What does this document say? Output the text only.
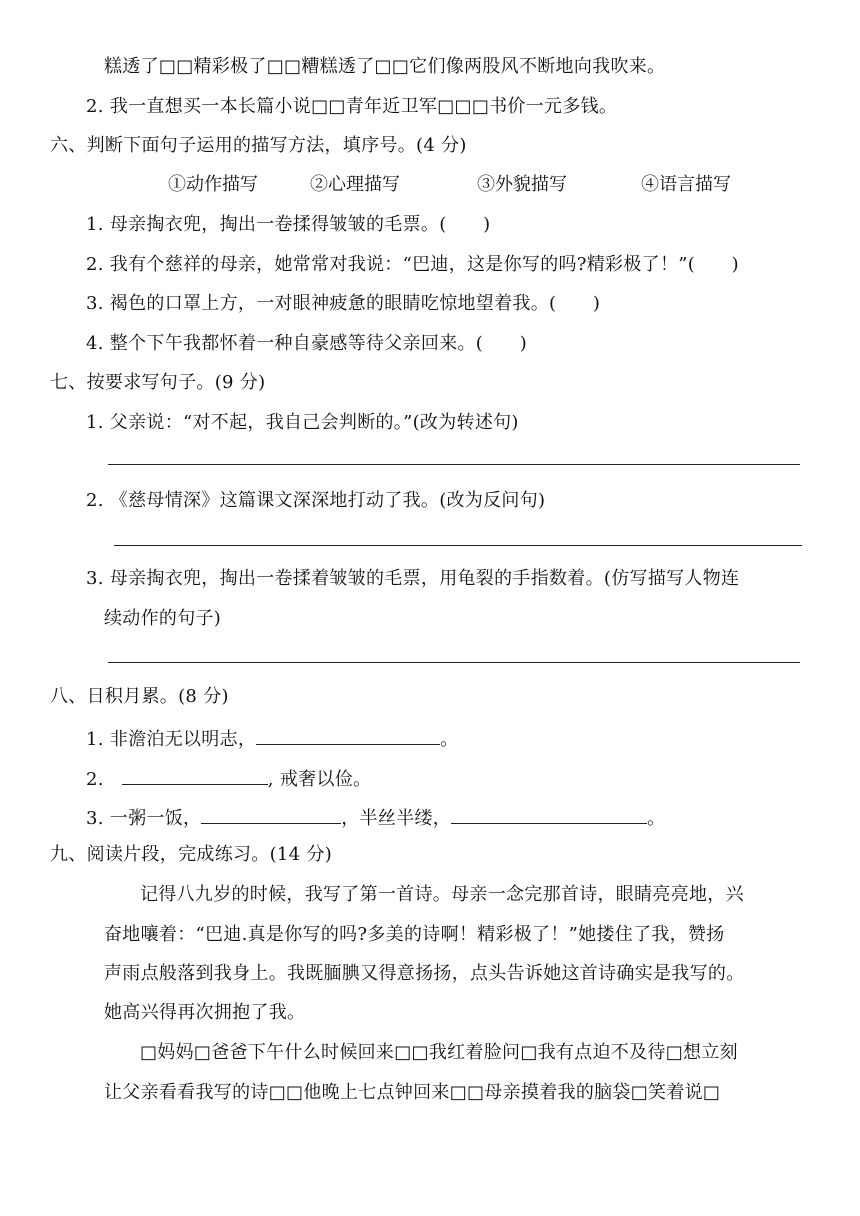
糕透了□□精彩极了□□糟糕透了□□它们像两股风不断地向我吹来。
2. 我一直想买一本长篇小说□□青年近卫军□□□书价一元多钱。
六、判断下面句子运用的描写方法，填序号。(4 分)
①动作描写	②心理描写	③外貌描写	④语言描写
1. 母亲掏衣兜，掏出一卷揉得皱皱的毛票。(　　)
2. 我有个慈祥的母亲，她常常对我说：“巴迪，这是你写的吗?精彩极了！”(　　)
3. 褐色的口罩上方，一对眼神疲惫的眼睛吃惊地望着我。(　　)
4. 整个下午我都怀着一种自豪感等待父亲回来。(　　)
七、按要求写句子。(9 分)
1. 父亲说：“对不起，我自己会判断的。”(改为转述句)
2. 《慈母情深》这篇课文深深地打动了我。(改为反问句)
3. 母亲掏衣兜，掏出一卷揉着皱皱的毛票，用龟裂的手指数着。(仿写描写人物连
续动作的句子)
八、日积月累。(8 分)
1. 非澹泊无以明志，	。
2.	, 戒奢以俭。
3. 一粥一饭，	，半丝半缕，	。
九、阅读片段，完成练习。(14 分)
记得八九岁的时候，我写了第一首诗。母亲一念完那首诗，眼睛亮亮地，兴
奋地嚷着：“巴迪.真是你写的吗?多美的诗啊！精彩极了！”她搂住了我，赞扬
声雨点般落到我身上。我既腼腆又得意扬扬，点头告诉她这首诗确实是我写的。
她高兴得再次拥抱了我。
□妈妈□爸爸下午什么时候回来□□我红着脸问□我有点迫不及待□想立刻
让父亲看看我写的诗□□他晚上七点钟回来□□母亲摸着我的脑袋□笑着说□
